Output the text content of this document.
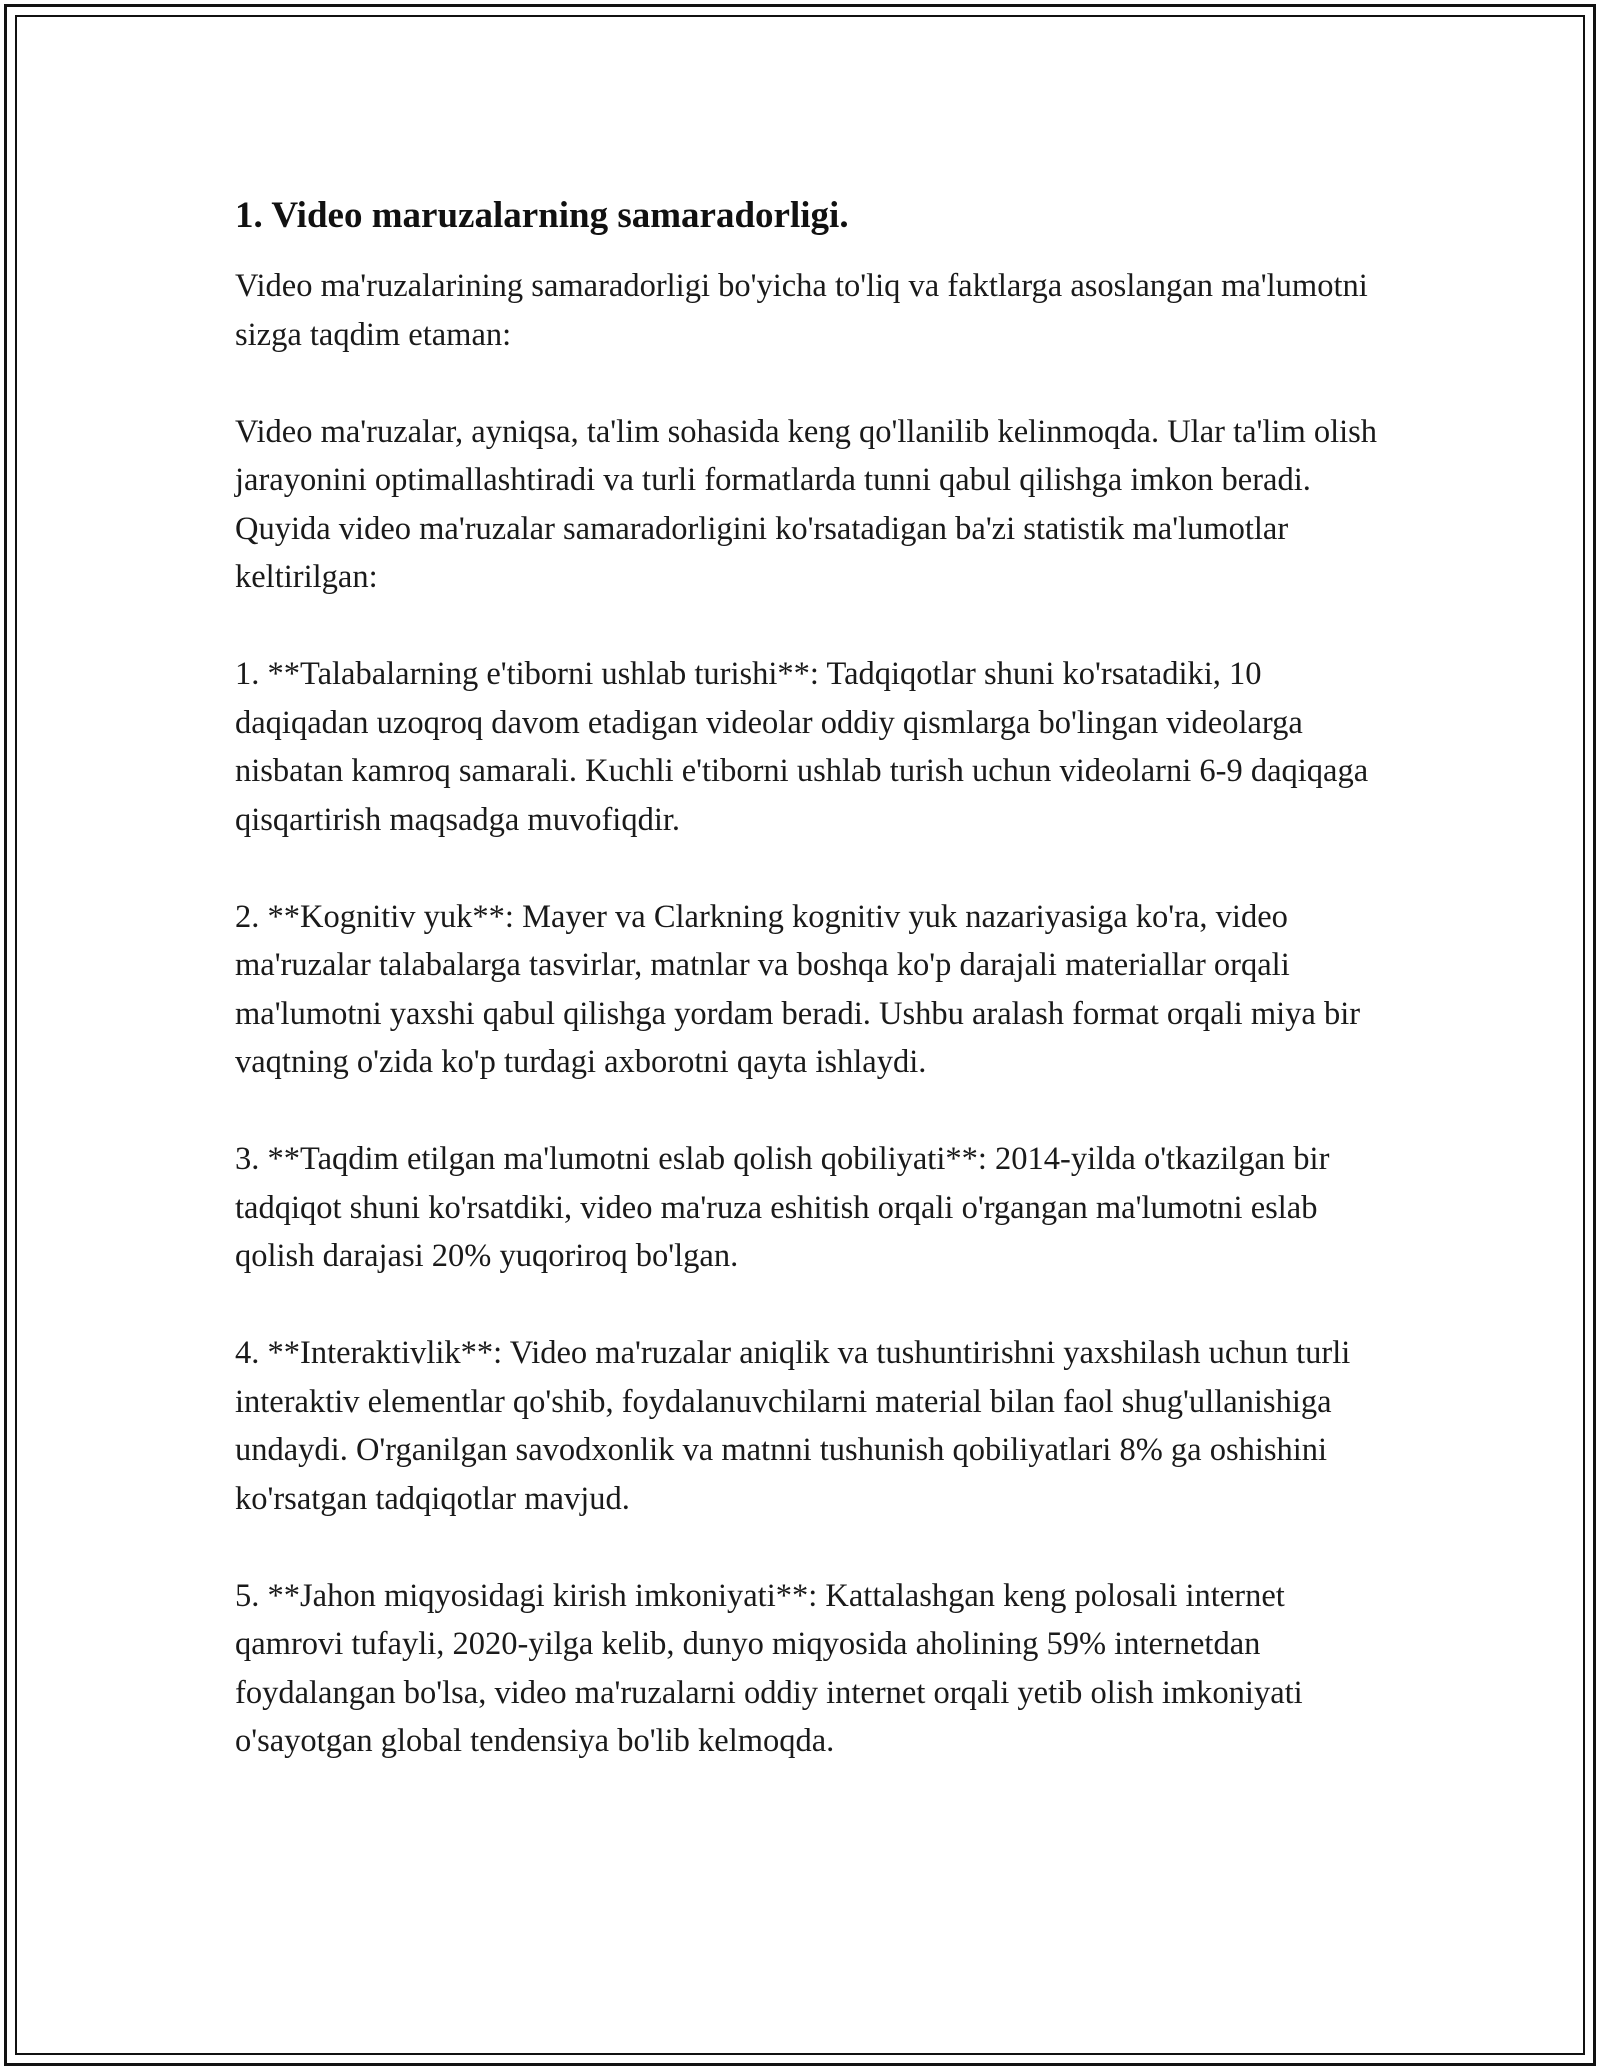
1. Video maruzalarning samaradorligi.

Video ma'ruzalarining samaradorligi bo'yicha to'liq va faktlarga asoslangan ma'lumotni sizga taqdim etaman:

Video ma'ruzalar, ayniqsa, ta'lim sohasida keng qo'llanilib kelinmoqda. Ular ta'lim olish jarayonini optimallashtiradi va turli formatlarda tunni qabul qilishga imkon beradi. Quyida video ma'ruzalar samaradorligini ko'rsatadigan ba'zi statistik ma'lumotlar keltirilgan:

1. **Talabalarning e'tiborni ushlab turishi**: Tadqiqotlar shuni ko'rsatadiki, 10 daqiqadan uzoqroq davom etadigan videolar oddiy qismlarga bo'lingan videolarga nisbatan kamroq samarali. Kuchli e'tiborni ushlab turish uchun videolarni 6-9 daqiqaga qisqartirish maqsadga muvofiqdir.

2. **Kognitiv yuk**: Mayer va Clarkning kognitiv yuk nazariyasiga ko'ra, video ma'ruzalar talabalarga tasvirlar, matnlar va boshqa ko'p darajali materiallar orqali ma'lumotni yaxshi qabul qilishga yordam beradi. Ushbu aralash format orqali miya bir vaqtning o'zida ko'p turdagi axborotni qayta ishlaydi.

3. **Taqdim etilgan ma'lumotni eslab qolish qobiliyati**: 2014-yilda o'tkazilgan bir tadqiqot shuni ko'rsatdiki, video ma'ruza eshitish orqali o'rgangan ma'lumotni eslab qolish darajasi 20% yuqoriroq bo'lgan.

4. **Interaktivlik**: Video ma'ruzalar aniqlik va tushuntirishni yaxshilash uchun turli interaktiv elementlar qo'shib, foydalanuvchilarni material bilan faol shug'ullanishiga undaydi. O'rganilgan savodxonlik va matnni tushunish qobiliyatlari 8% ga oshishini ko'rsatgan tadqiqotlar mavjud.

5. **Jahon miqyosidagi kirish imkoniyati**: Kattalashgan keng polosali internet qamrovi tufayli, 2020-yilga kelib, dunyo miqyosida aholining 59% internetdan foydalangan bo'lsa, video ma'ruzalarni oddiy internet orqali yetib olish imkoniyati o'sayotgan global tendensiya bo'lib kelmoqda.
